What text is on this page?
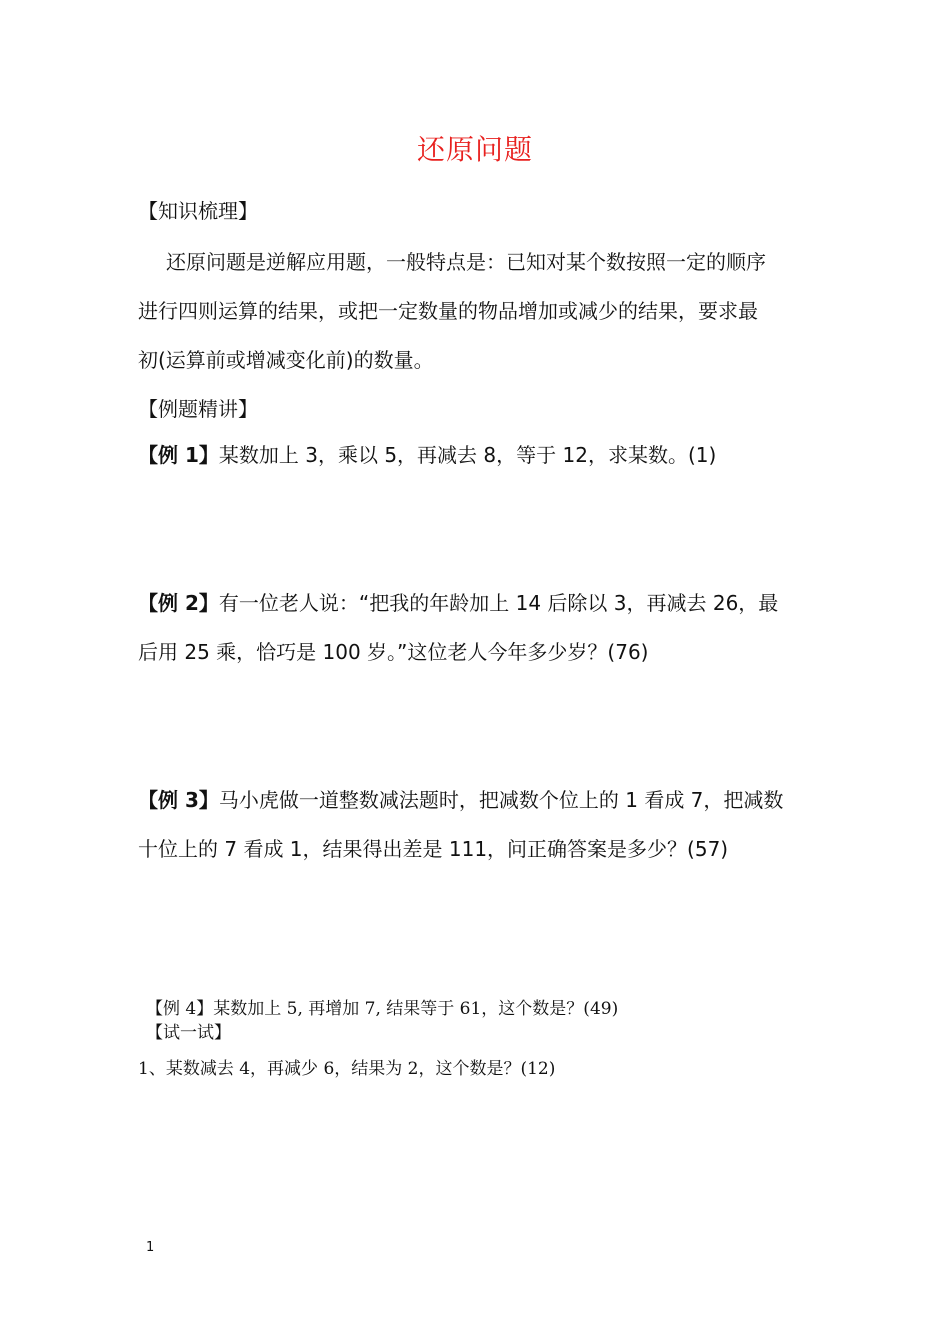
还原问题
【知识梳理】
还原问题是逆解应用题，一般特点是：已知对某个数按照一定的顺序
进行四则运算的结果，或把一定数量的物品增加或减少的结果，要求最
初(运算前或增减变化前)的数量。
【例题精讲】
【例 1】某数加上 3，乘以 5，再减去 8，等于 12，求某数。(1)
【例 2】有一位老人说：“把我的年龄加上 14 后除以 3，再减去 26，最
后用 25 乘，恰巧是 100 岁。”这位老人今年多少岁？(76)
【例 3】马小虎做一道整数减法题时，把减数个位上的 1 看成 7，把减数
十位上的 7 看成 1，结果得出差是 111，问正确答案是多少？(57)
【例 4】某数加上 5, 再增加 7, 结果等于 61，这个数是？(49)
【试一试】
1、某数减去 4，再减少 6，结果为 2，这个数是？(12)
1
